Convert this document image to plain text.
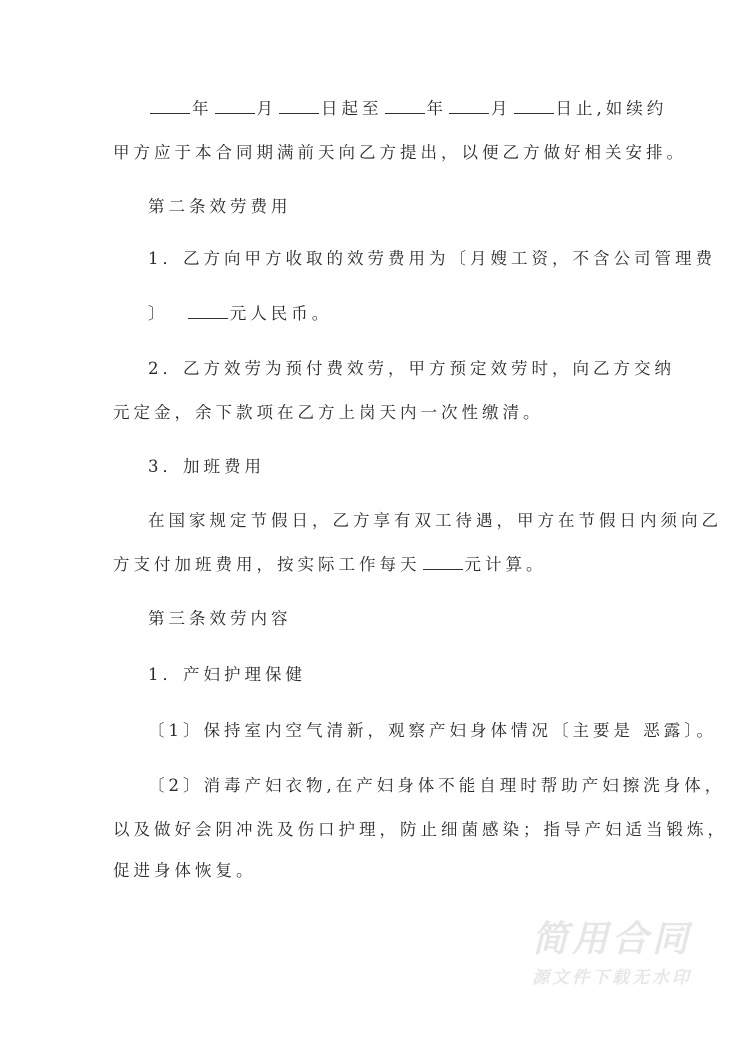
年	月	日起至	年	月	日止,如续约
甲方应于本合同期满前天向乙方提出，以便乙方做好相关安排。
第二条效劳费用
1．乙方向甲方收取的效劳费用为〔月嫂工资，不含公司管理费
〕	元人民币。
2．乙方效劳为预付费效劳，甲方预定效劳时，向乙方交纳
元定金，余下款项在乙方上岗天内一次性缴清。
3．加班费用
在国家规定节假日，乙方享有双工待遇，甲方在节假日内须向乙
方支付加班费用，按实际工作每天	元计算。
第三条效劳内容
1．产妇护理保健
〔1〕保持室内空气清新，观察产妇身体情况〔主要是 恶露〕。
〔2〕消毒产妇衣物,在产妇身体不能自理时帮助产妇擦洗身体，
以及做好会阴冲洗及伤口护理，防止细菌感染；指导产妇适当锻炼，
促进身体恢复。
简用合同
源文件下载无水印
